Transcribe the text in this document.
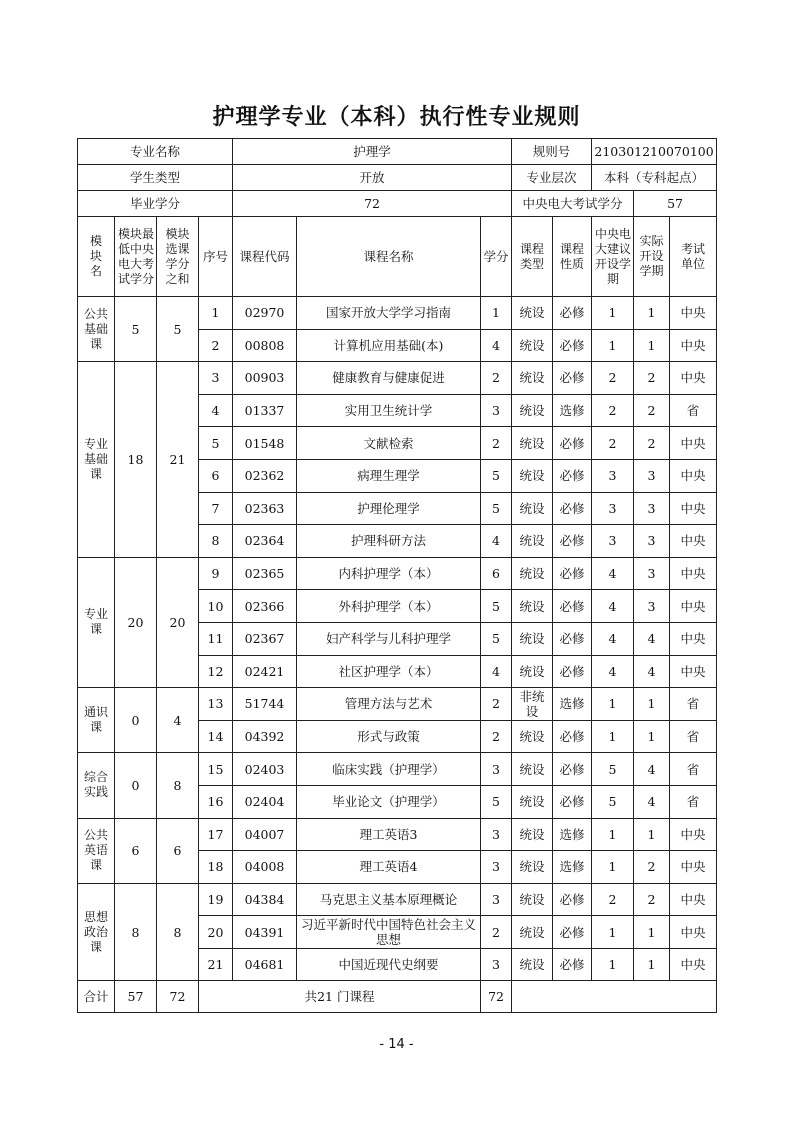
护理学专业（本科）执行性专业规则
专业名称				护理学			规则号		210301210070100		
学生类型				开放			专业层次		本科（专科起点）		
毕业学分				72			中央电大考试学分			57	
模块名	模块最低中央电大考试学分	模块选课学分之和	序号	课程代码	课程名称	学分	课程类型	课程性质	中央电大建议开设学期	实际开设学期	考试单位
公共基础课	5	5	1	02970	国家开放大学学习指南	1	统设	必修	1	1	中央
			2	00808	计算机应用基础(本)	4	统设	必修	1	1	中央
专业基础课	18	21	3	00903	健康教育与健康促进	2	统设	必修	2	2	中央
			4	01337	实用卫生统计学	3	统设	选修	2	2	省
			5	01548	文献检索	2	统设	必修	2	2	中央
			6	02362	病理生理学	5	统设	必修	3	3	中央
			7	02363	护理伦理学	5	统设	必修	3	3	中央
			8	02364	护理科研方法	4	统设	必修	3	3	中央
专业课	20	20	9	02365	内科护理学（本）	6	统设	必修	4	3	中央
			10	02366	外科护理学（本）	5	统设	必修	4	3	中央
			11	02367	妇产科学与儿科护理学	5	统设	必修	4	4	中央
			12	02421	社区护理学（本）	4	统设	必修	4	4	中央
通识课	0	4	13	51744	管理方法与艺术	2	非统设	选修	1	1	省
			14	04392	形式与政策	2	统设	必修	1	1	省
综合实践	0	8	15	02403	临床实践（护理学）	3	统设	必修	5	4	省
			16	02404	毕业论文（护理学）	5	统设	必修	5	4	省
公共英语课	6	6	17	04007	理工英语3	3	统设	选修	1	1	中央
			18	04008	理工英语4	3	统设	选修	1	2	中央
思想政治课	8	8	19	04384	马克思主义基本原理概论	3	统设	必修	2	2	中央
			20	04391	习近平新时代中国特色社会主义思想	2	统设	必修	1	1	中央
			21	04681	中国近现代史纲要	3	统设	必修	1	1	中央
合计	57	72	共21 门课程			72					
- 14 -
